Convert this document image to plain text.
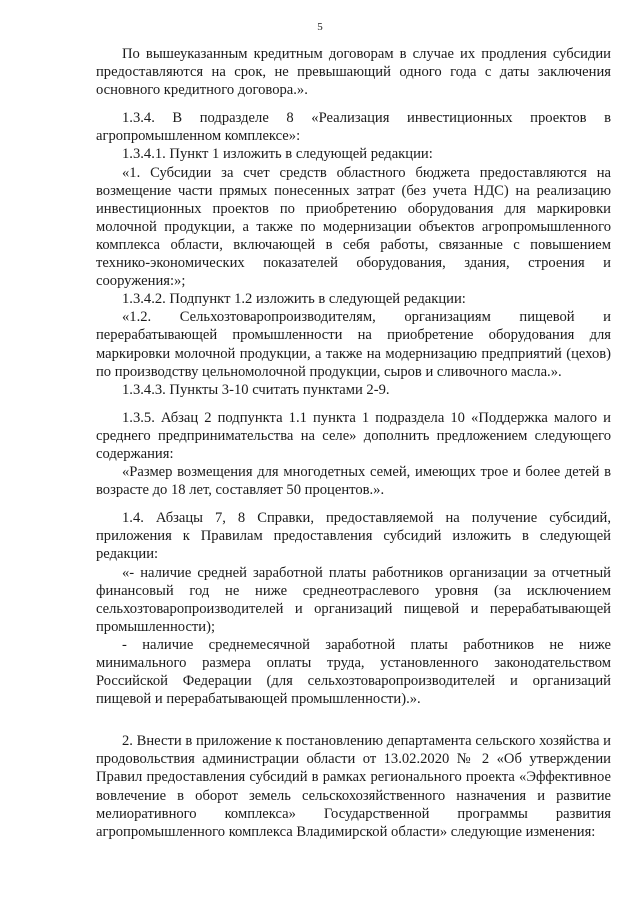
5

По вышеуказанным кредитным договорам в случае их продления субсидии предоставляются на срок, не превышающий одного года с даты заключения основного кредитного договора.».

1.3.4. В подразделе 8 «Реализация инвестиционных проектов в агропромышленном комплексе»:

1.3.4.1. Пункт 1 изложить в следующей редакции:

«1. Субсидии за счет средств областного бюджета предоставляются на возмещение части прямых понесенных затрат (без учета НДС) на реализацию инвестиционных проектов по приобретению оборудования для маркировки молочной продукции, а также по модернизации объектов агропромышленного комплекса области, включающей в себя работы, связанные с повышением технико-экономических показателей оборудования, здания, строения и сооружения:»;

1.3.4.2. Подпункт 1.2 изложить в следующей редакции:

«1.2. Сельхозтоваропроизводителям, организациям пищевой и перерабатывающей промышленности на приобретение оборудования для маркировки молочной продукции, а также на модернизацию предприятий (цехов) по производству цельномолочной продукции, сыров и сливочного масла.».

1.3.4.3. Пункты 3-10 считать пунктами 2-9.

1.3.5. Абзац 2 подпункта 1.1 пункта 1 подраздела 10 «Поддержка малого и среднего предпринимательства на селе» дополнить предложением следующего содержания:

«Размер возмещения для многодетных семей, имеющих трое и более детей в возрасте до 18 лет, составляет 50 процентов.».

1.4. Абзацы 7, 8 Справки, предоставляемой на получение субсидий, приложения к Правилам предоставления субсидий изложить в следующей редакции:

«- наличие средней заработной платы работников организации за отчетный финансовый год не ниже среднеотраслевого уровня (за исключением сельхозтоваропроизводителей и организаций пищевой и перерабатывающей промышленности);

- наличие среднемесячной заработной платы работников не ниже минимального размера оплаты труда, установленного законодательством Российской Федерации (для сельхозтоваропроизводителей и организаций пищевой и перерабатывающей промышленности).».

2. Внести в приложение к постановлению департамента сельского хозяйства и продовольствия администрации области от 13.02.2020 № 2 «Об утверждении Правил предоставления субсидий в рамках регионального проекта «Эффективное вовлечение в оборот земель сельскохозяйственного назначения и развитие мелиоративного комплекса» Государственной программы развития агропромышленного комплекса Владимирской области» следующие изменения:
